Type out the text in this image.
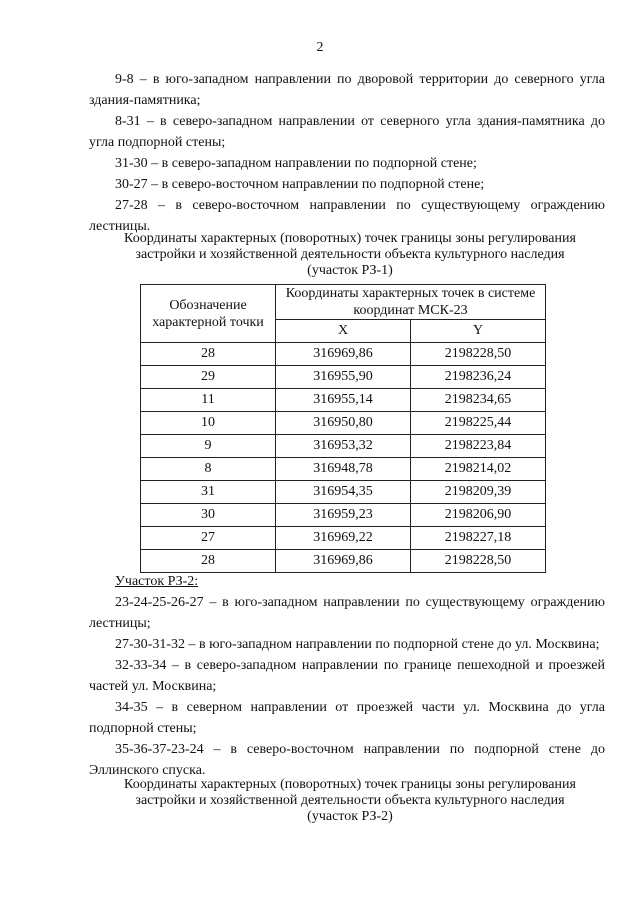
2

9-8 – в юго-западном направлении по дворовой территории до северного угла здания-памятника;

8-31 – в северо-западном направлении от северного угла здания-памятника до угла подпорной стены;

31-30 – в северо-западном направлении по подпорной стене;

30-27 – в северо-восточном направлении по подпорной стене;

27-28 – в северо-восточном направлении по существующему ограждению лестницы.

Координаты характерных (поворотных) точек границы зоны регулирования
застройки и хозяйственной деятельности объекта культурного наследия
(участок РЗ-1)
Обозначение характерной точки	Координаты характерных точек в системе координат МСК-23	
	X	Y
28	316969,86	2198228,50
29	316955,90	2198236,24
11	316955,14	2198234,65
10	316950,80	2198225,44
9	316953,32	2198223,84
8	316948,78	2198214,02
31	316954,35	2198209,39
30	316959,23	2198206,90
27	316969,22	2198227,18
28	316969,86	2198228,50

Участок РЗ-2:

23-24-25-26-27 – в юго-западном направлении по существующему ограждению лестницы;

27-30-31-32 – в юго-западном направлении по подпорной стене до ул. Москвина;

32-33-34 – в северо-западном направлении по границе пешеходной и проезжей частей ул. Москвина;

34-35 – в северном направлении от проезжей части ул. Москвина до угла подпорной стены;

35-36-37-23-24 – в северо-восточном направлении по подпорной стене до Эллинского спуска.

Координаты характерных (поворотных) точек границы зоны регулирования
застройки и хозяйственной деятельности объекта культурного наследия
(участок РЗ-2)
